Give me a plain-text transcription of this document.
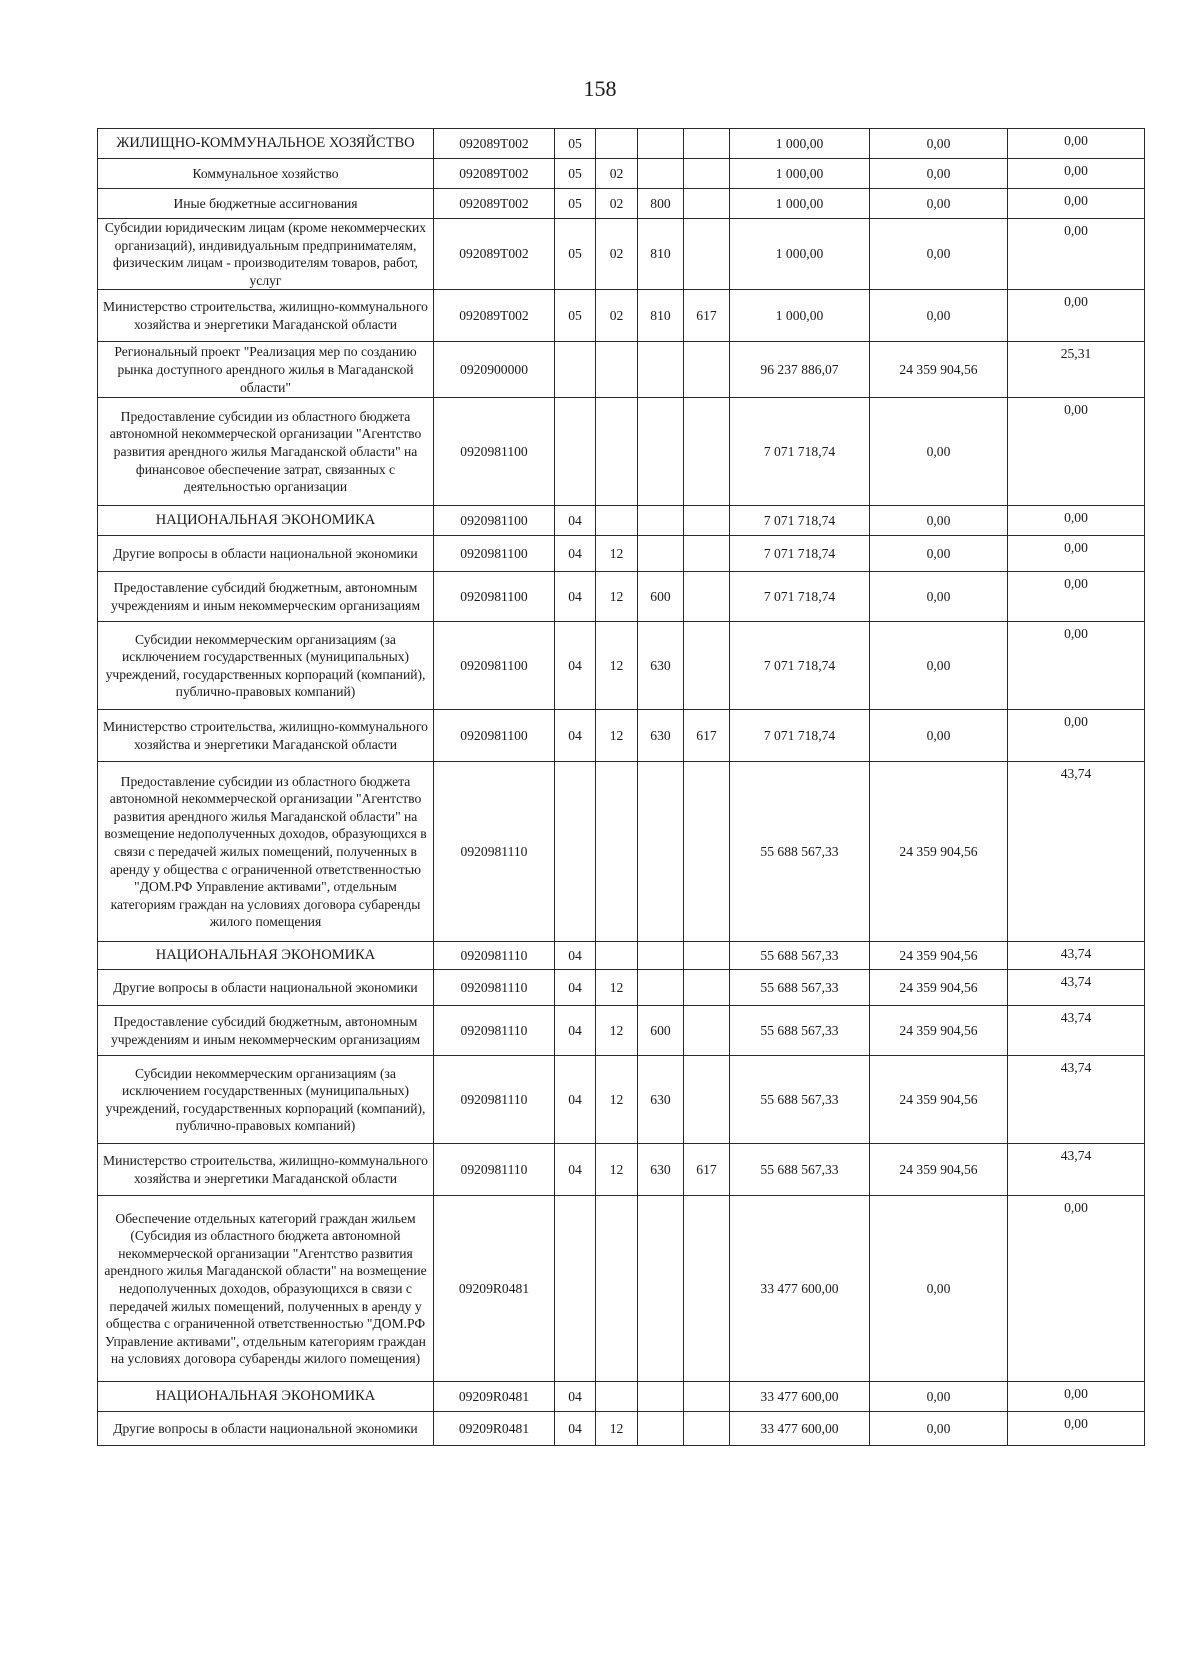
158
ЖИЛИЩНО-КОММУНАЛЬНОЕ ХОЗЯЙСТВО	092089Т002	05				1 000,00	0,00	0,00
Коммунальное хозяйство	092089Т002	05	02			1 000,00	0,00	0,00
Иные бюджетные ассигнования	092089Т002	05	02	800		1 000,00	0,00	0,00
Субсидии юридическим лицам (кроме некоммерческих организаций), индивидуальным предпринимателям, физическим лицам - производителям товаров, работ, услуг	092089Т002	05	02	810		1 000,00	0,00	0,00
Министерство строительства, жилищно-коммунального хозяйства и энергетики Магаданской области	092089Т002	05	02	810	617	1 000,00	0,00	0,00
Региональный проект "Реализация мер по созданию рынка доступного арендного жилья в Магаданской области"	0920900000					96 237 886,07	24 359 904,56	25,31
Предоставление субсидии из областного бюджета автономной некоммерческой организации "Агентство развития арендного жилья Магаданской области" на финансовое обеспечение затрат, связанных с деятельностью организации	0920981100					7 071 718,74	0,00	0,00
НАЦИОНАЛЬНАЯ ЭКОНОМИКА	0920981100	04				7 071 718,74	0,00	0,00
Другие вопросы в области национальной экономики	0920981100	04	12			7 071 718,74	0,00	0,00
Предоставление субсидий бюджетным, автономным учреждениям и иным некоммерческим организациям	0920981100	04	12	600		7 071 718,74	0,00	0,00
Субсидии некоммерческим организациям (за исключением государственных (муниципальных) учреждений, государственных корпораций (компаний), публично-правовых компаний)	0920981100	04	12	630		7 071 718,74	0,00	0,00
Министерство строительства, жилищно-коммунального хозяйства и энергетики Магаданской области	0920981100	04	12	630	617	7 071 718,74	0,00	0,00
Предоставление субсидии из областного бюджета автономной некоммерческой организации "Агентство развития арендного жилья Магаданской области" на возмещение недополученных доходов, образующихся в связи с передачей жилых помещений, полученных в аренду у общества с ограниченной ответственностью "ДОМ.РФ Управление активами", отдельным категориям граждан на условиях договора субаренды жилого помещения	0920981110					55 688 567,33	24 359 904,56	43,74
НАЦИОНАЛЬНАЯ ЭКОНОМИКА	0920981110	04				55 688 567,33	24 359 904,56	43,74
Другие вопросы в области национальной экономики	0920981110	04	12			55 688 567,33	24 359 904,56	43,74
Предоставление субсидий бюджетным, автономным учреждениям и иным некоммерческим организациям	0920981110	04	12	600		55 688 567,33	24 359 904,56	43,74
Субсидии некоммерческим организациям (за исключением государственных (муниципальных) учреждений, государственных корпораций (компаний), публично-правовых компаний)	0920981110	04	12	630		55 688 567,33	24 359 904,56	43,74
Министерство строительства, жилищно-коммунального хозяйства и энергетики Магаданской области	0920981110	04	12	630	617	55 688 567,33	24 359 904,56	43,74
Обеспечение отдельных категорий граждан жильем (Субсидия из областного бюджета автономной некоммерческой организации "Агентство развития арендного жилья Магаданской области" на возмещение недополученных доходов, образующихся в связи с передачей жилых помещений, полученных в аренду у общества с ограниченной ответственностью "ДОМ.РФ Управление активами", отдельным категориям граждан на условиях договора субаренды жилого помещения)	09209R0481					33 477 600,00	0,00	0,00
НАЦИОНАЛЬНАЯ ЭКОНОМИКА	09209R0481	04				33 477 600,00	0,00	0,00
Другие вопросы в области национальной экономики	09209R0481	04	12			33 477 600,00	0,00	0,00
